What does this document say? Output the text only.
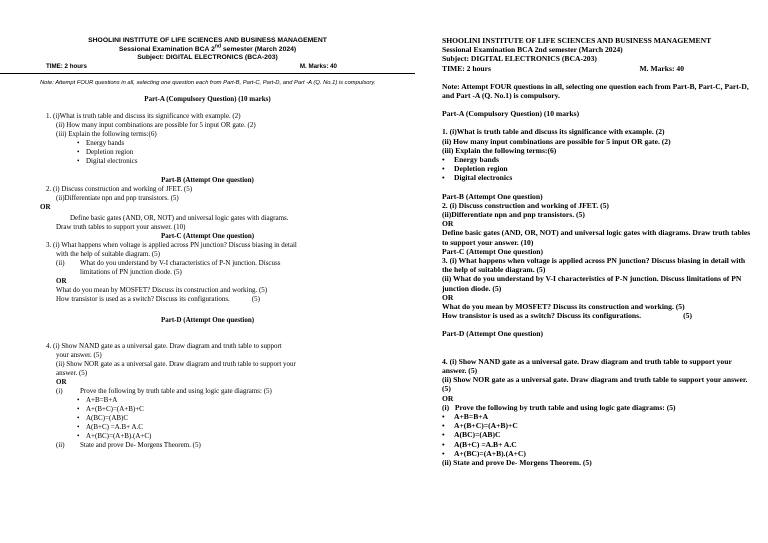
SHOOLINI INSTITUTE OF LIFE SCIENCES AND BUSINESS MANAGEMENT
Sessional Examination BCA 2nd semester (March 2024)
Subject: DIGITAL ELECTRONICS (BCA-203)
TIME: 2 hours	M. Marks: 40
Note: Attempt FOUR questions in all, selecting one question each from Part-B, Part-C, Part-D, and Part -A (Q. No.1) is compulsory.
Part-A (Compulsory Question) (10 marks)
1. (i)What is truth table and discuss its significance with example. (2)
(ii) How many input combinations are possible for 5 input OR gate. (2)
(iii) Explain the following terms:(6)
• Energy bands
• Depletion region
• Digital electronics
Part-B (Attempt One question)
2. (i) Discuss construction and working of JFET. (5)
(ii)Differentiate npn and pnp transistors. (5)
OR
Define basic gates (AND, OR, NOT) and universal logic gates with diagrams.
Draw truth tables to support your answer. (10)
Part-C (Attempt One question)
3. (i) What happens when voltage is applied across PN junction? Discuss biasing in detail
with the help of suitable diagram. (5)
(ii)	What do you understand by V-I characteristics of P-N junction. Discuss
limitations of PN junction diode. (5)
OR
What do you mean by MOSFET? Discuss its construction and working. (5)
How transistor is used as a switch? Discuss its configurations.	(5)
Part-D (Attempt One question)
4. (i) Show NAND gate as a universal gate. Draw diagram and truth table to support
your answer. (5)
(ii) Show NOR gate as a universal gate. Draw diagram and truth table to support your
answer. (5)
OR
(i)	Prove the following by truth table and using logic gate diagrams: (5)
• A+B=B+A
• A+(B+C)=(A+B)+C
• A(BC)=(AB)C
• A(B+C) =A.B+ A.C
• A+(BC)=(A+B).(A+C)
(ii)	State and prove De- Morgens Theorem. (5)
SHOOLINI INSTITUTE OF LIFE SCIENCES AND BUSINESS MANAGEMENT
Sessional Examination BCA 2nd semester (March 2024)
Subject: DIGITAL ELECTRONICS (BCA-203)
TIME: 2 hours	M. Marks: 40
Note: Attempt FOUR questions in all, selecting one question each from Part-B, Part-C, Part-D, and Part -A (Q. No.1) is compulsory.
Part-A (Compulsory Question) (10 marks)
1. (i)What is truth table and discuss its significance with example. (2)
(ii) How many input combinations are possible for 5 input OR gate. (2)
(iii) Explain the following terms:(6)
• Energy bands
• Depletion region
• Digital electronics
Part-B (Attempt One question)
2. (i) Discuss construction and working of JFET. (5)
(ii)Differentiate npn and pnp transistors. (5)
OR
Define basic gates (AND, OR, NOT) and universal logic gates with diagrams. Draw truth tables to support your answer. (10)
Part-C (Attempt One question)
3. (i) What happens when voltage is applied across PN junction? Discuss biasing in detail with the help of suitable diagram. (5)
(ii) What do you understand by V-I characteristics of P-N junction. Discuss limitations of PN junction diode. (5)
OR
What do you mean by MOSFET? Discuss its construction and working. (5)
How transistor is used as a switch? Discuss its configurations.	(5)
Part-D (Attempt One question)
4. (i) Show NAND gate as a universal gate. Draw diagram and truth table to support your answer. (5)
(ii) Show NOR gate as a universal gate. Draw diagram and truth table to support your answer. (5)
OR
(i)   Prove the following by truth table and using logic gate diagrams: (5)
• A+B=B+A
• A+(B+C)=(A+B)+C
• A(BC)=(AB)C
• A(B+C) =A.B+ A.C
• A+(BC)=(A+B).(A+C)
(ii) State and prove De- Morgens Theorem. (5)
